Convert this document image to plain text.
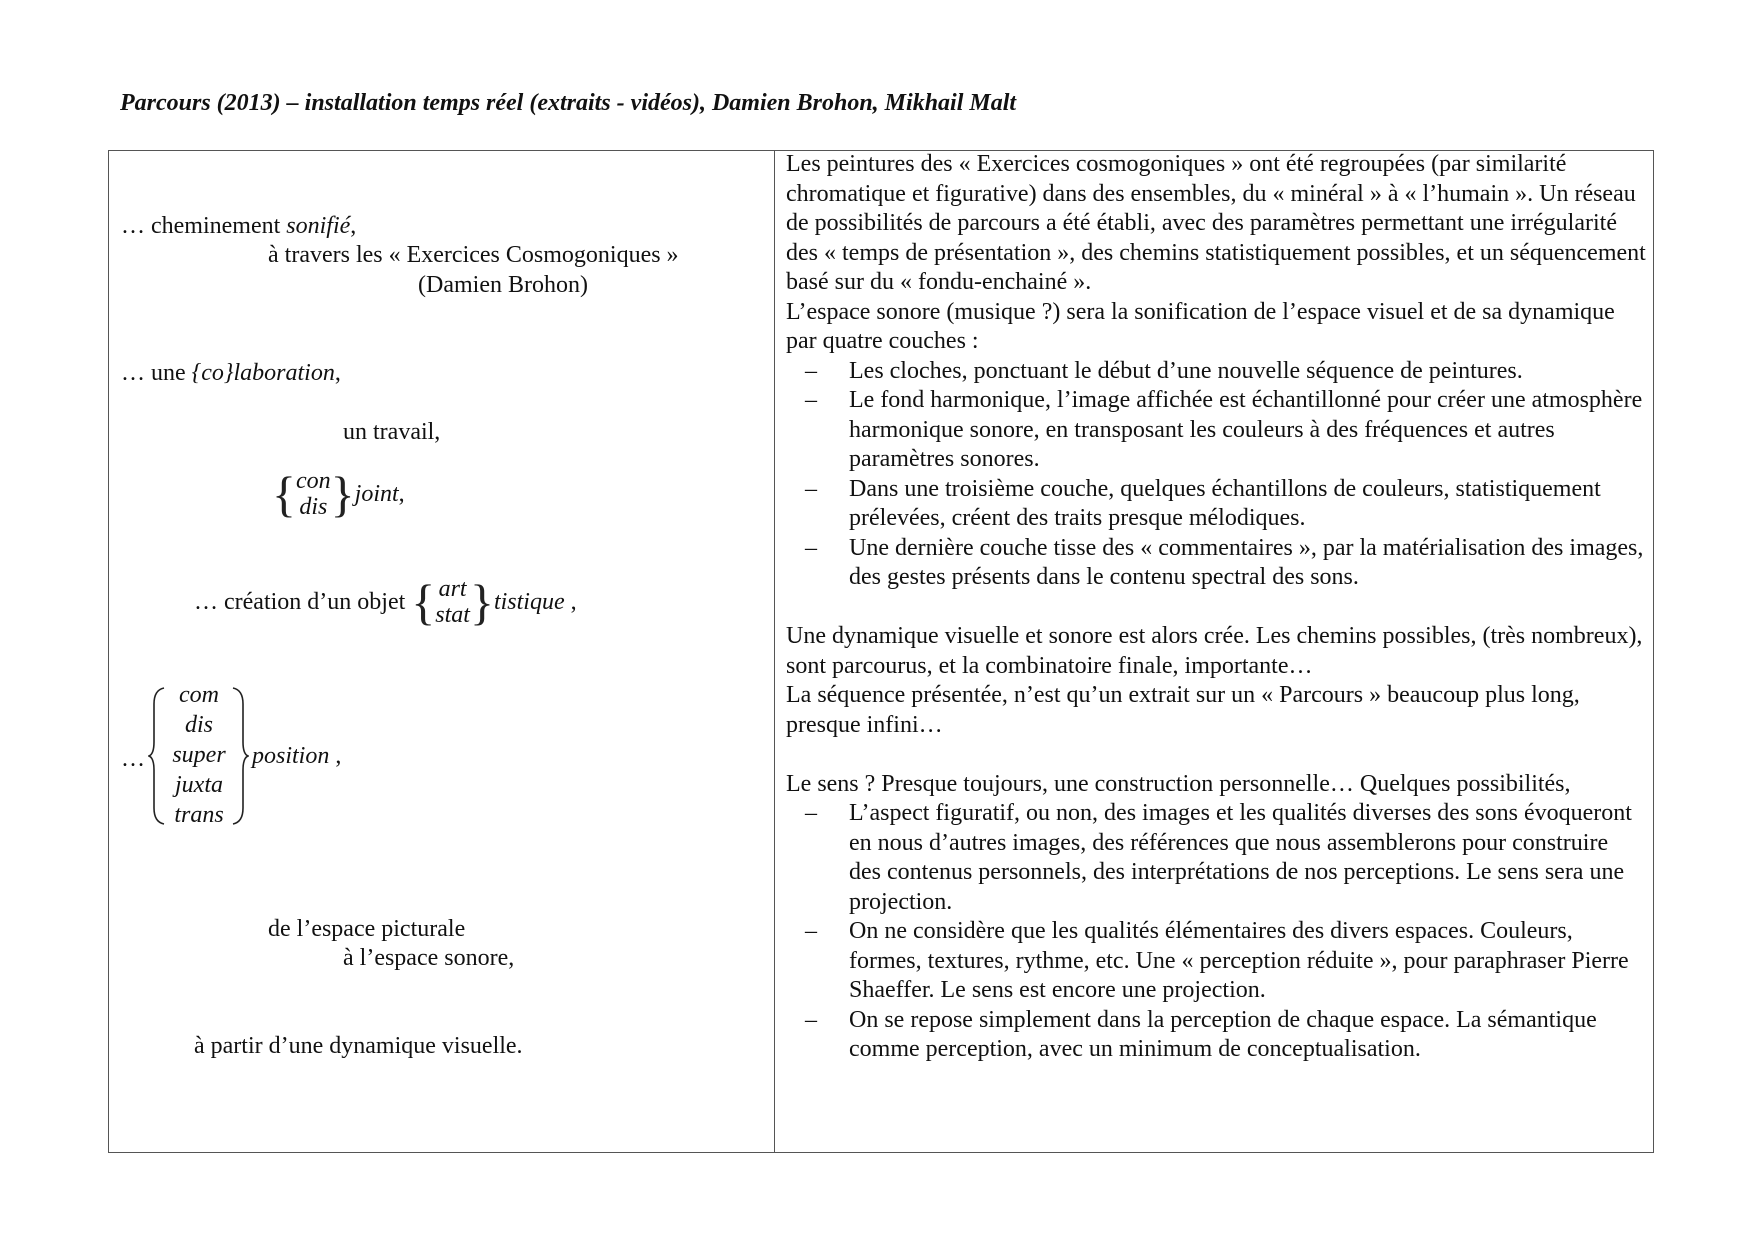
Parcours (2013) – installation temps réel (extraits - vidéos), Damien Brohon, Mikhail Malt
… cheminement sonifié,
à travers les « Exercices Cosmogoniques »
(Damien Brohon)
… une {co}laboration,
un travail,
{ con
dis }joint,
… création d’un objet { art
stat }tistique ,
…
com
dis
super
juxta
trans
position ,
de l’espace picturale
à l’espace sonore,
à partir d’une dynamique visuelle.

Les peintures des « Exercices cosmogoniques » ont été regroupées (par similarité chromatique et figurative) dans des ensembles, du « minéral » à « l’humain ». Un réseau de possibilités de parcours a été établi, avec des paramètres permettant une irrégularité des « temps de présentation », des chemins statistiquement possibles, et un séquencement basé sur du « fondu-enchainé ».

L’espace sonore (musique ?) sera la sonification de l’espace visuel et de sa dynamique par quatre couches :

– Les cloches, ponctuant le début d’une nouvelle séquence de peintures.
– Le fond harmonique, l’image affichée est échantillonné pour créer une atmosphère harmonique sonore, en transposant les couleurs à des fréquences et autres paramètres sonores.
– Dans une troisième couche, quelques échantillons de couleurs, statistiquement prélevées, créent des traits presque mélodiques.
– Une dernière couche tisse des « commentaires », par la matérialisation des images, des gestes présents dans le contenu spectral des sons.

Une dynamique visuelle et sonore est alors crée. Les chemins possibles, (très nombreux), sont parcourus, et la combinatoire finale, importante…

La séquence présentée, n’est qu’un extrait sur un « Parcours » beaucoup plus long, presque infini…

Le sens ? Presque toujours, une construction personnelle… Quelques possibilités,

– L’aspect figuratif, ou non, des images et les qualités diverses des sons évoqueront en nous d’autres images, des références que nous assemblerons pour construire des contenus personnels, des interprétations de nos perceptions. Le sens sera une projection.
– On ne considère que les qualités élémentaires des divers espaces. Couleurs, formes, textures, rythme, etc. Une « perception réduite », pour paraphraser Pierre Shaeffer. Le sens est encore une projection.
– On se repose simplement dans la perception de chaque espace. La sémantique comme perception, avec un minimum de conceptualisation.
